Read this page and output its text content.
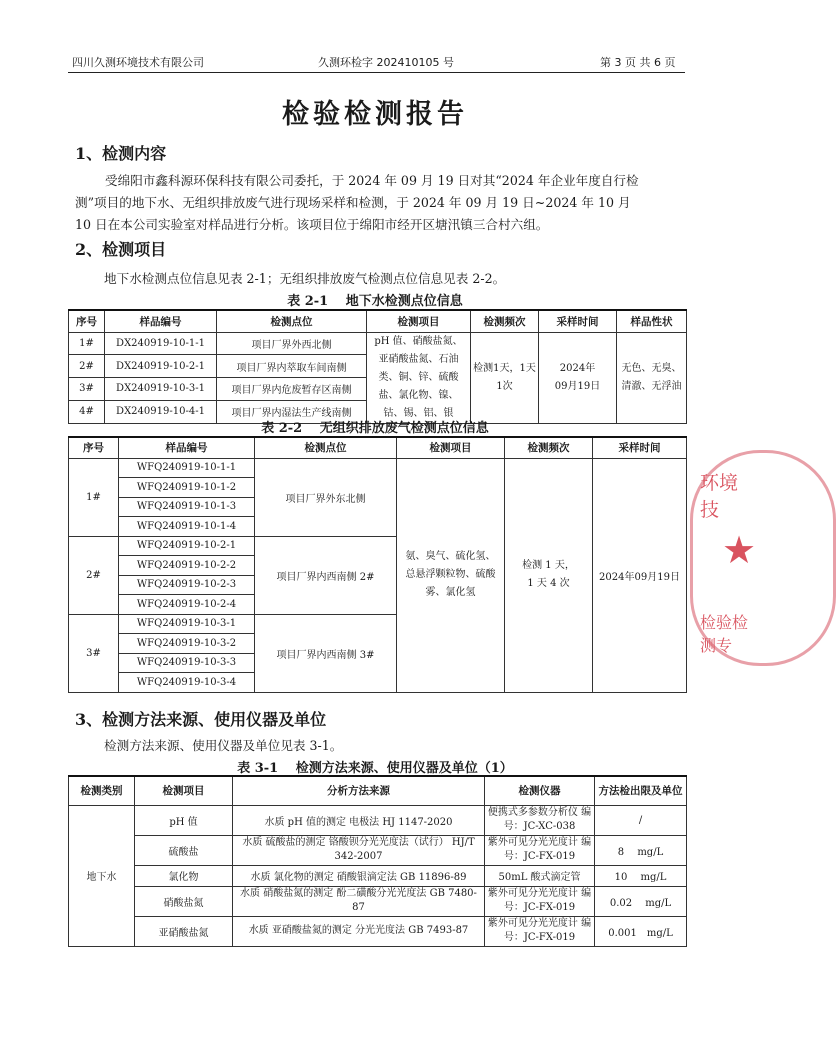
四川久测环境技术有限公司	久测环检字 202410105 号	第 3 页 共 6 页
检验检测报告
1、检测内容
受绵阳市鑫科源环保科技有限公司委托，于 2024 年 09 月 19 日对其“2024 年企业年度自行检
测”项目的地下水、无组织排放废气进行现场采样和检测，于 2024 年 09 月 19 日~2024 年 10 月
10 日在本公司实验室对样品进行分析。该项目位于绵阳市经开区塘汛镇三合村六组。
2、检测项目
地下水检测点位信息见表 2-1；无组织排放废气检测点位信息见表 2-2。
表 2-1　 地下水检测点位信息
序号	样品编号	检测点位	检测项目	检测频次	采样时间	样品性状
1#	DX240919-10-1-1	项目厂界外西北侧	pH 值、硝酸盐氮、亚硝酸盐氮、石油类、铜、锌、硫酸盐、氯化物、镍、钴、锡、铝、银	检测1天，1天1次	2024年 09月19日	无色、无臭、清澈、无浮油
2#	DX240919-10-2-1	项目厂界内萃取车间南侧				
3#	DX240919-10-3-1	项目厂界内危废暂存区南侧				
4#	DX240919-10-4-1	项目厂界内湿法生产线南侧				
表 2-2　 无组织排放废气检测点位信息
序号	样品编号	检测点位	检测项目	检测频次	采样时间
1#	WFQ240919-10-1-1	项目厂界外东北侧	氨、臭气、硫化氢、总悬浮颗粒物、硫酸雾、氯化氢	检测 1 天，1 天 4 次	2024年09月19日
	WFQ240919-10-1-2				
	WFQ240919-10-1-3				
	WFQ240919-10-1-4				
2#	WFQ240919-10-2-1	项目厂界内西南侧 2#			
	WFQ240919-10-2-2				
	WFQ240919-10-2-3				
	WFQ240919-10-2-4				
3#	WFQ240919-10-3-1	项目厂界内西南侧 3#			
	WFQ240919-10-3-2				
	WFQ240919-10-3-3				
	WFQ240919-10-3-4				
环境技
★
检验检测专
3、检测方法来源、使用仪器及单位
检测方法来源、使用仪器及单位见表 3-1。
表 3-1　 检测方法来源、使用仪器及单位（1）
检测类别	检测项目	分析方法来源	检测仪器	方法检出限及单位
地下水	pH 值	水质 pH 值的测定 电极法 HJ 1147-2020	便携式多参数分析仪 编号：JC-XC-038	/
	硫酸盐	水质 硫酸盐的测定 铬酸钡分光光度法（试行） HJ/T 342-2007	紫外可见分光光度计 编号：JC-FX-019	8　 mg/L
	氯化物	水质 氯化物的测定 硝酸银滴定法 GB 11896-89	50mL 酸式滴定管	10　 mg/L
	硝酸盐氮	水质 硝酸盐氮的测定 酚二磺酸分光光度法 GB 7480-87	紫外可见分光光度计 编号：JC-FX-019	0.02　 mg/L
	亚硝酸盐氮	水质 亚硝酸盐氮的测定 分光光度法 GB 7493-87	紫外可见分光光度计 编号：JC-FX-019	0.001　mg/L
